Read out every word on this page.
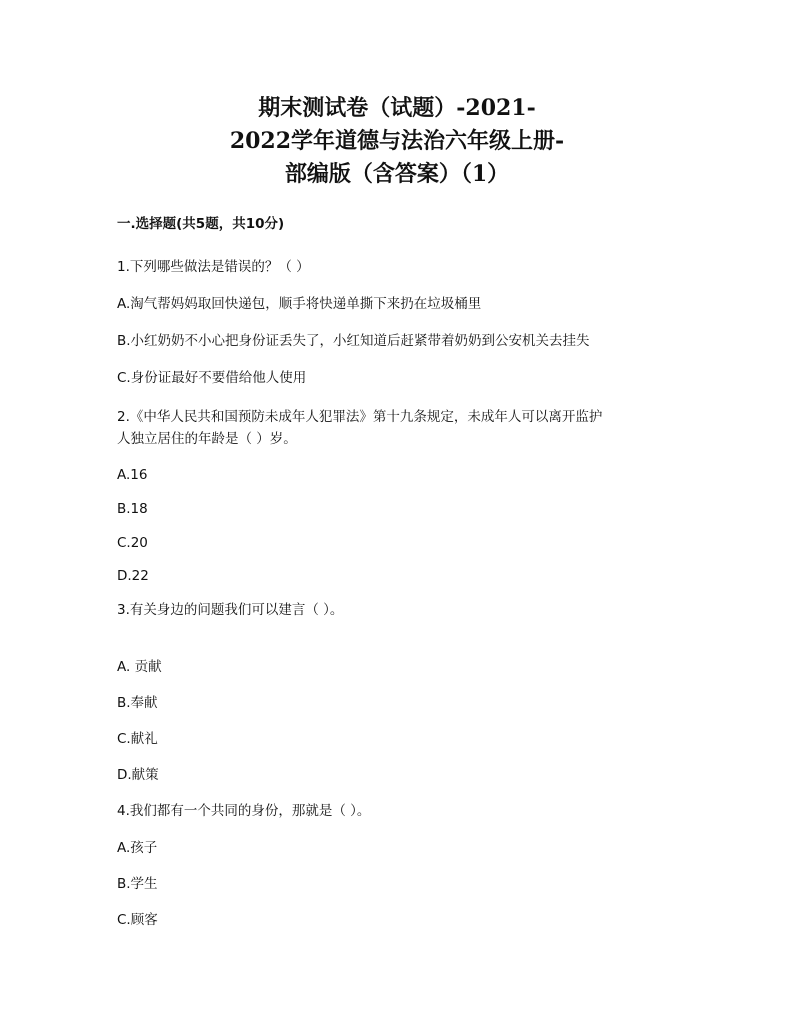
期末测试卷（试题）-2021-
2022学年道德与法治六年级上册-
部编版（含答案）（1）
一.选择题(共5题，共10分)
1.下列哪些做法是错误的？（ ）
A.淘气帮妈妈取回快递包，顺手将快递单撕下来扔在垃圾桶里
B.小红奶奶不小心把身份证丢失了，小红知道后赶紧带着奶奶到公安机关去挂失
C.身份证最好不要借给他人使用
2.《中华人民共和国预防未成年人犯罪法》第十九条规定，未成年人可以离开监护
人独立居住的年龄是（ ）岁。
A.16
B.18
C.20
D.22
3.有关身边的问题我们可以建言（ ）。
A. 贡献
B.奉献
C.献礼
D.献策
4.我们都有一个共同的身份，那就是（ ）。
A.孩子
B.学生
C.顾客
